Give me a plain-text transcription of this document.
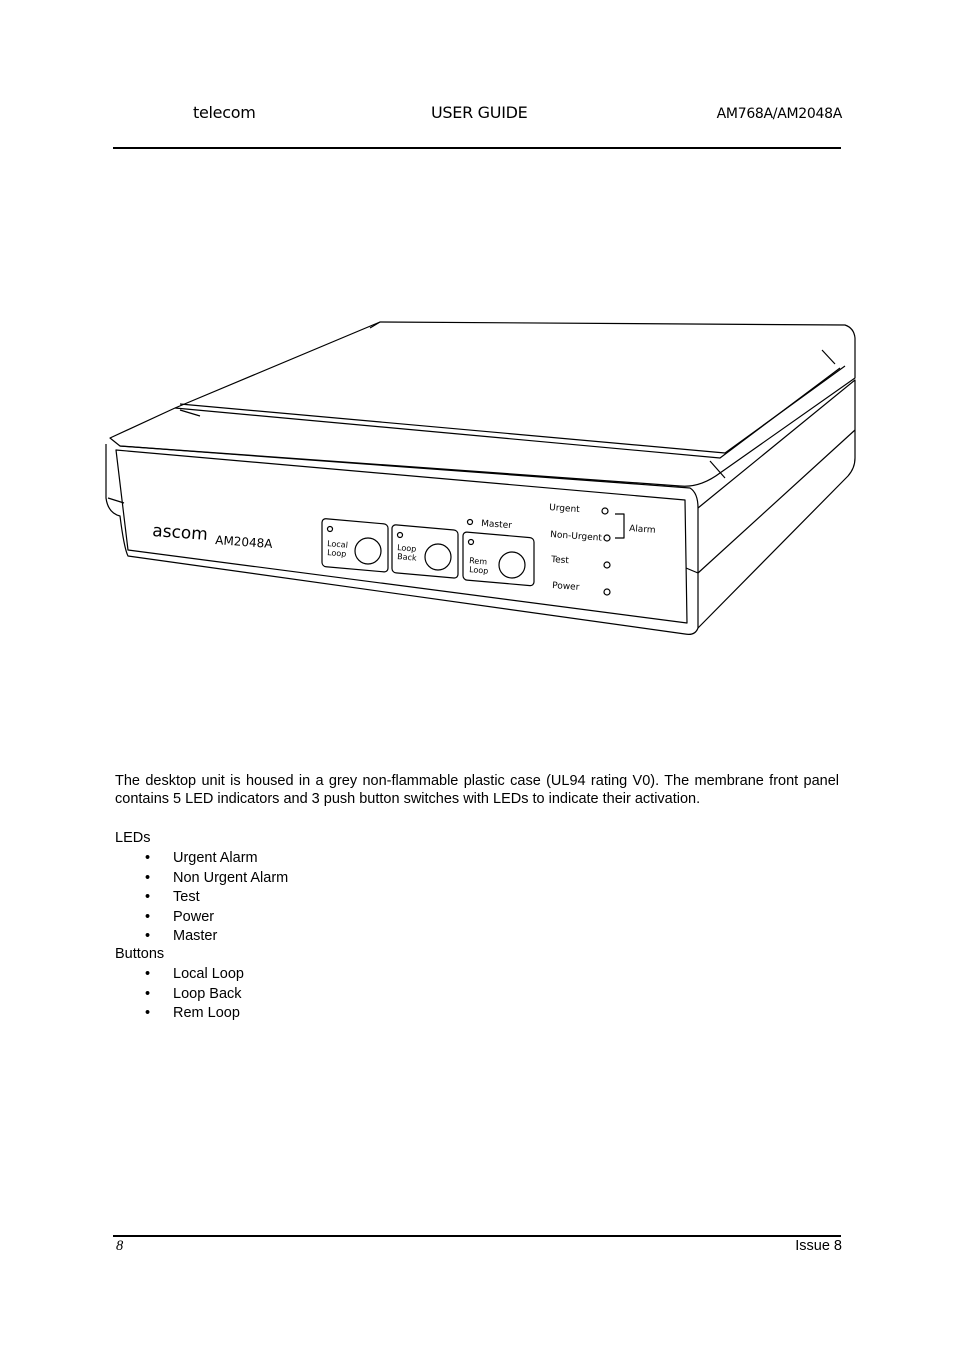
telecom	USER GUIDE	AM768A/AM2048A
ascom AM2048A	Local
Loop	Loop
Back	Rem
Loop
Master
Urgent
Non-Urgent
Test
Power
Alarm

The desktop unit is housed in a grey non-flammable plastic case (UL94 rating V0). The membrane front panel contains 5 LED indicators and 3 push button switches with LEDs to indicate their activation.

LEDs
• Urgent Alarm
• Non Urgent Alarm
• Test
• Power
• Master
Buttons
• Local Loop
• Loop Back
• Rem Loop
8	Issue 8
